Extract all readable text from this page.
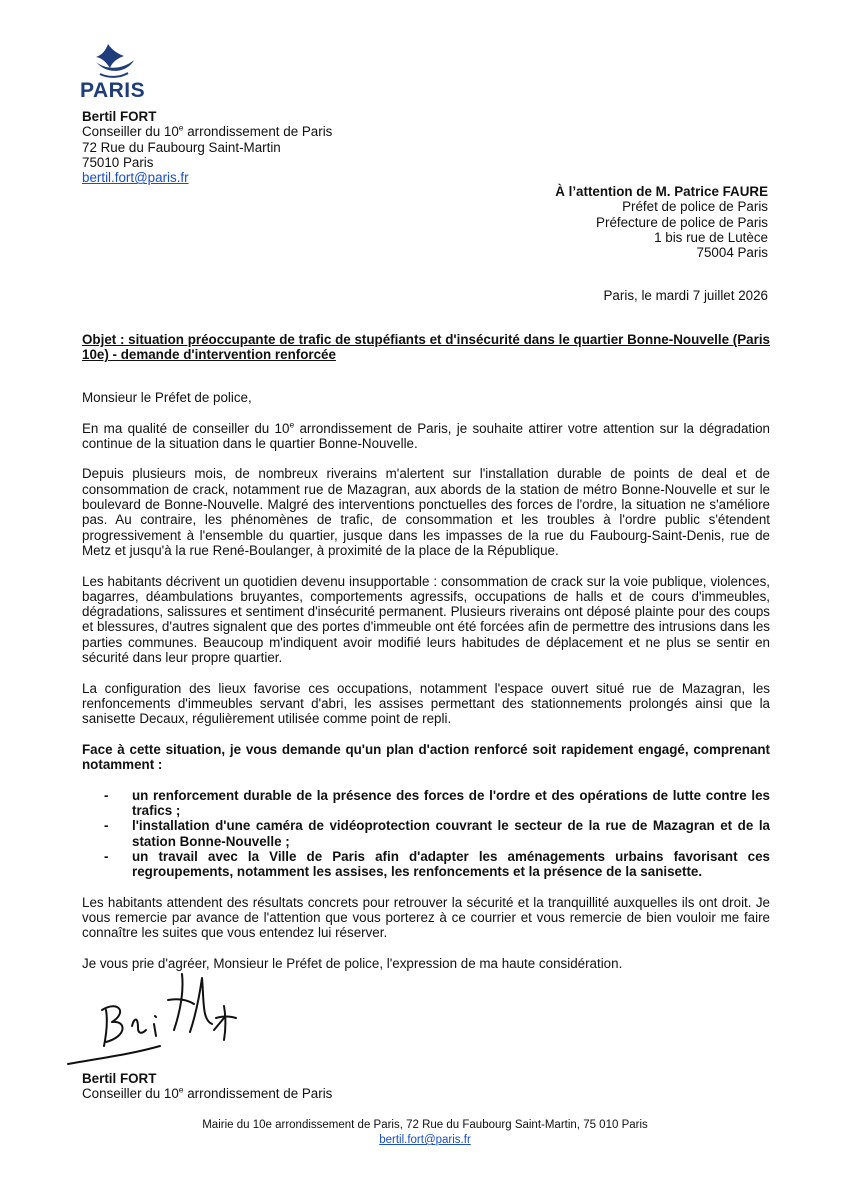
PARIS
Bertil FORT
Conseiller du 10e arrondissement de Paris
72 Rue du Faubourg Saint-Martin
75010 Paris
bertil.fort@paris.fr
À l’attention de M. Patrice FAURE
Préfet de police de Paris
Préfecture de police de Paris
1 bis rue de Lutèce
75004 Paris
Paris, le mardi 7 juillet 2026
Objet : situation préoccupante de trafic de stupéfiants et d'insécurité dans le quartier Bonne-Nouvelle (Paris 10e) - demande d'intervention renforcée

Monsieur le Préfet de police,

En ma qualité de conseiller du 10e arrondissement de Paris, je souhaite attirer votre attention sur la dégradation continue de la situation dans le quartier Bonne-Nouvelle.

Depuis plusieurs mois, de nombreux riverains m'alertent sur l'installation durable de points de deal et de consommation de crack, notamment rue de Mazagran, aux abords de la station de métro Bonne-Nouvelle et sur le boulevard de Bonne-Nouvelle. Malgré des interventions ponctuelles des forces de l'ordre, la situation ne s'améliore pas. Au contraire, les phénomènes de trafic, de consommation et les troubles à l'ordre public s'étendent progressivement à l'ensemble du quartier, jusque dans les impasses de la rue du Faubourg-Saint-Denis, rue de Metz et jusqu'à la rue René-Boulanger, à proximité de la place de la République.

Les habitants décrivent un quotidien devenu insupportable : consommation de crack sur la voie publique, violences, bagarres, déambulations bruyantes, comportements agressifs, occupations de halls et de cours d'immeubles, dégradations, salissures et sentiment d'insécurité permanent. Plusieurs riverains ont déposé plainte pour des coups et blessures, d'autres signalent que des portes d'immeuble ont été forcées afin de permettre des intrusions dans les parties communes. Beaucoup m'indiquent avoir modifié leurs habitudes de déplacement et ne plus se sentir en sécurité dans leur propre quartier.

La configuration des lieux favorise ces occupations, notamment l'espace ouvert situé rue de Mazagran, les renfoncements d'immeubles servant d'abri, les assises permettant des stationnements prolongés ainsi que la sanisette Decaux, régulièrement utilisée comme point de repli.

Face à cette situation, je vous demande qu'un plan d'action renforcé soit rapidement engagé, comprenant notamment :

- un renforcement durable de la présence des forces de l'ordre et des opérations de lutte contre les trafics ;
- l'installation d'une caméra de vidéoprotection couvrant le secteur de la rue de Mazagran et de la station Bonne-Nouvelle ;
- un travail avec la Ville de Paris afin d'adapter les aménagements urbains favorisant ces regroupements, notamment les assises, les renfoncements et la présence de la sanisette.

Les habitants attendent des résultats concrets pour retrouver la sécurité et la tranquillité auxquelles ils ont droit. Je vous remercie par avance de l'attention que vous porterez à ce courrier et vous remercie de bien vouloir me faire connaître les suites que vous entendez lui réserver.

Je vous prie d'agréer, Monsieur le Préfet de police, l'expression de ma haute considération.

Bertil FORT
Conseiller du 10e arrondissement de Paris
Mairie du 10e arrondissement de Paris, 72 Rue du Faubourg Saint-Martin, 75 010 Paris
bertil.fort@paris.fr
